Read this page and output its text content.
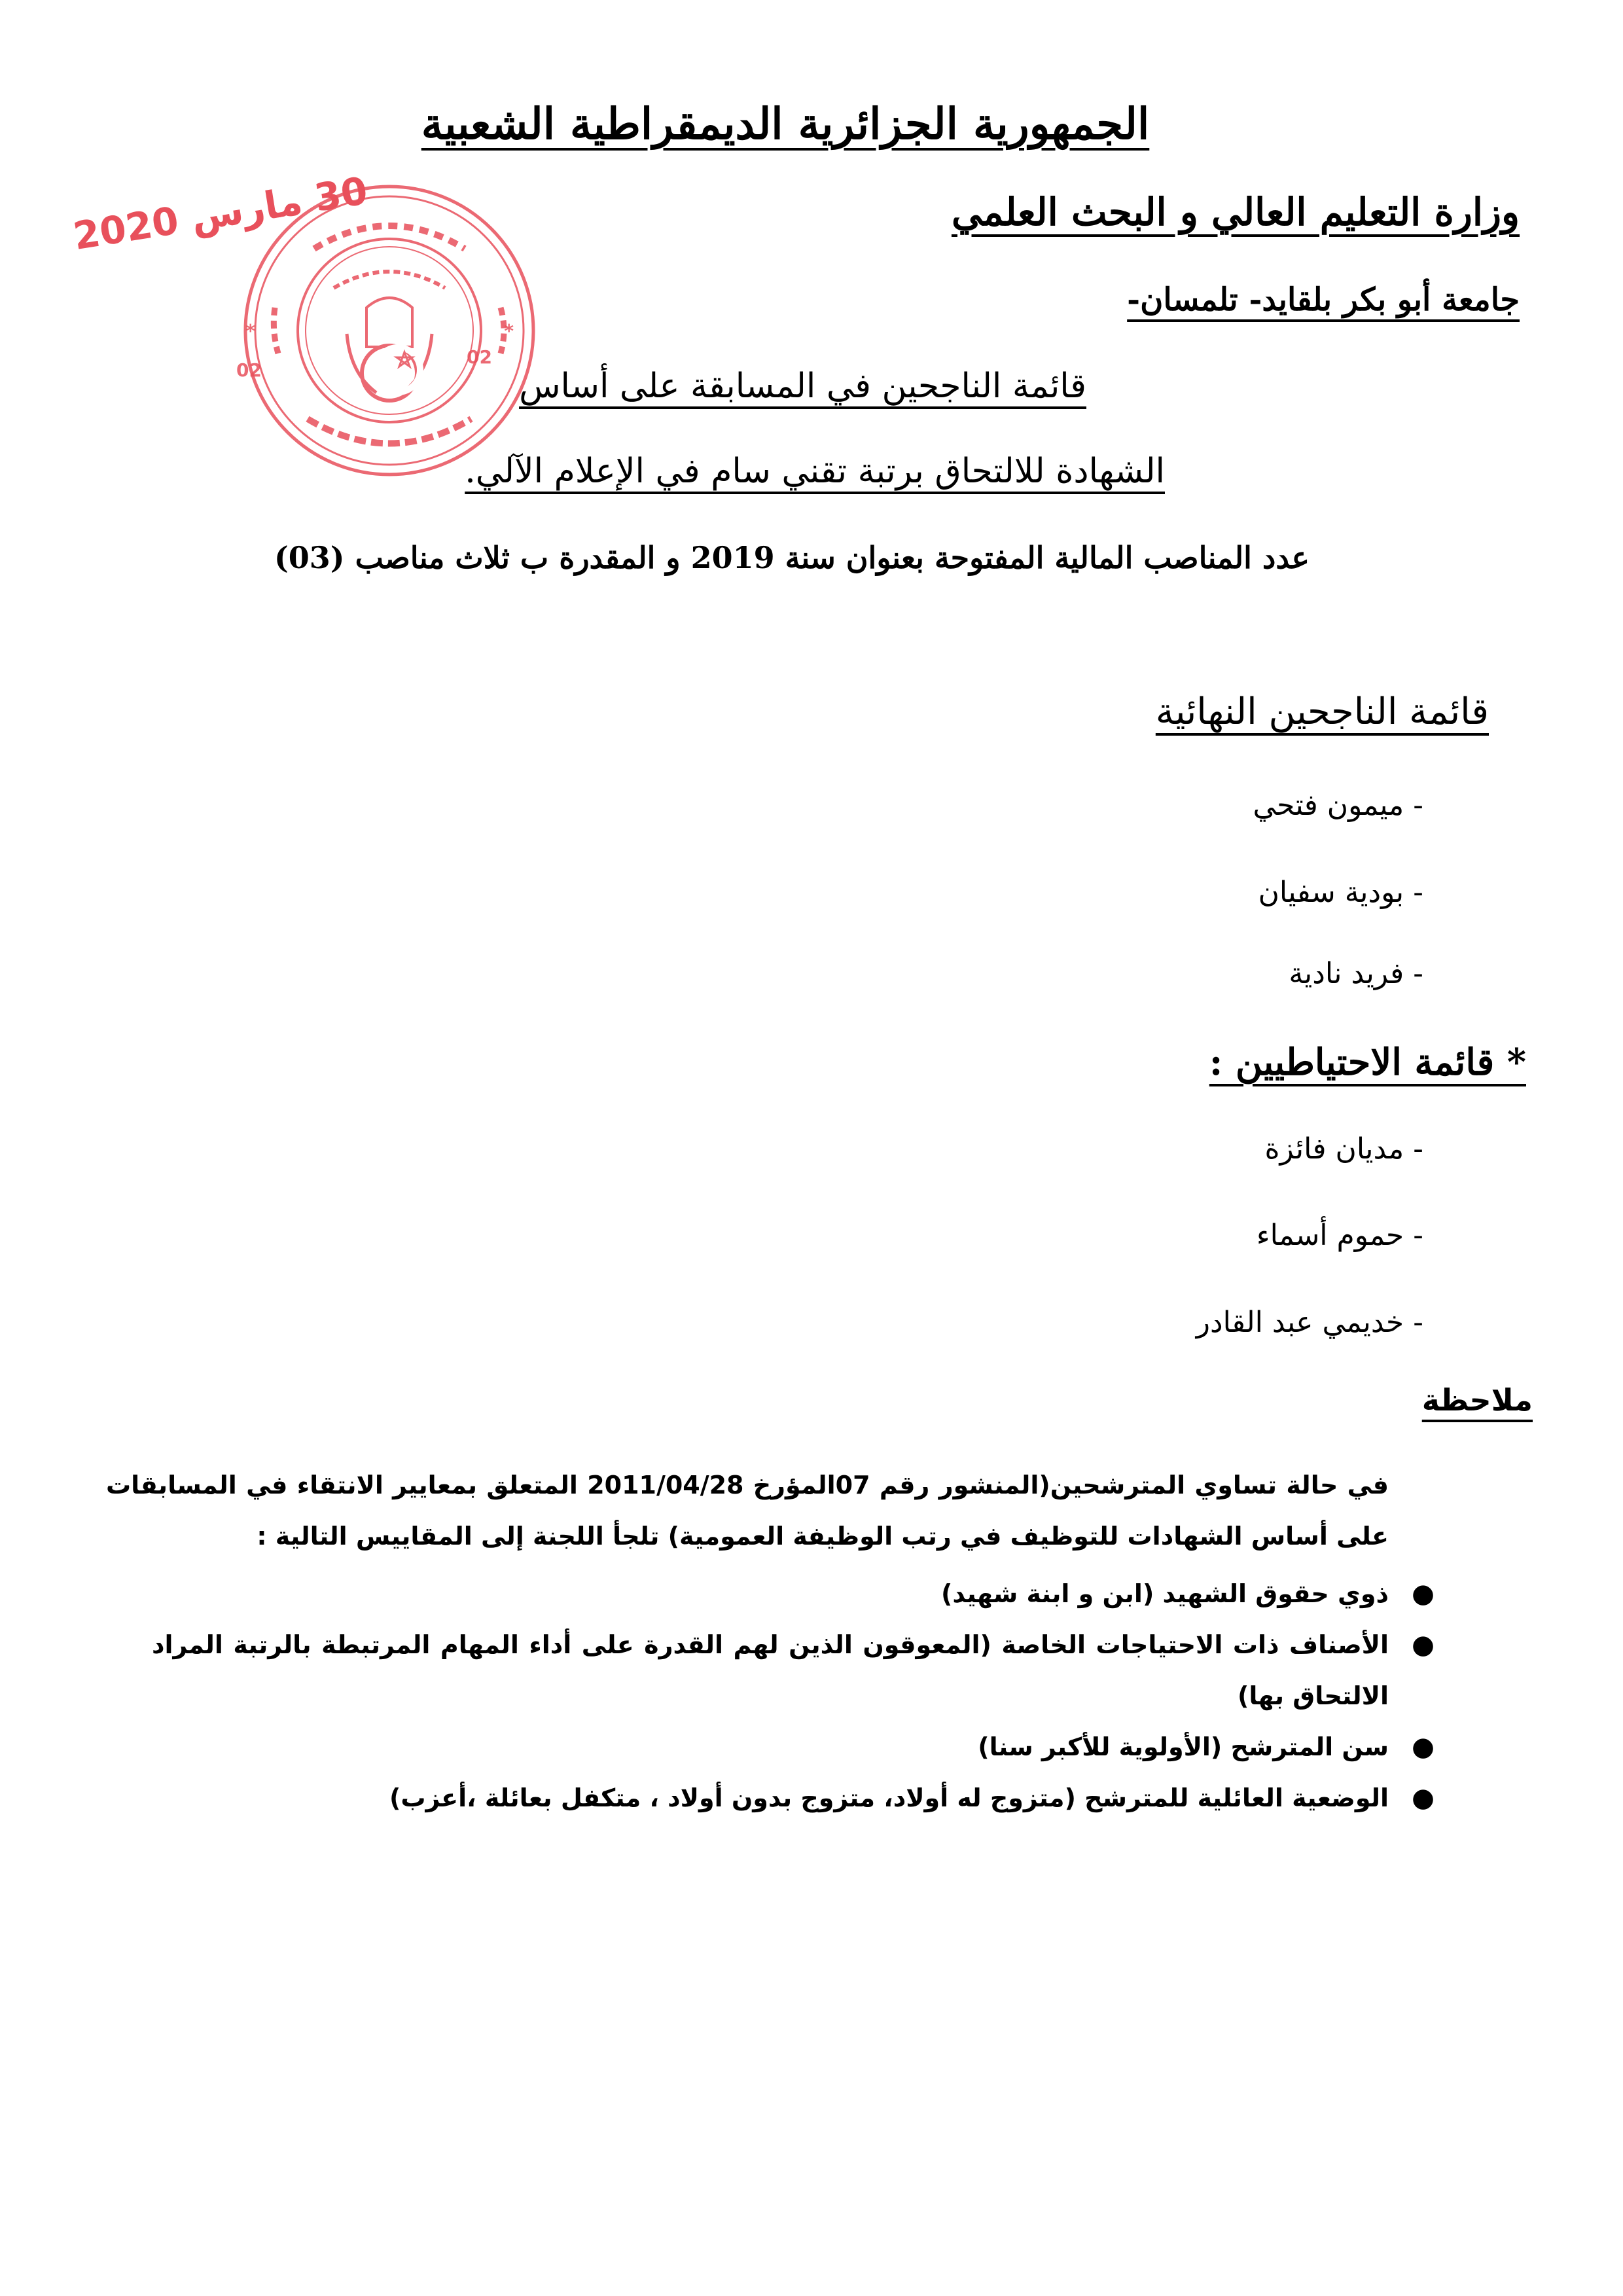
الجمهورية الجزائرية الديمقراطية الشعبية
وزارة التعليم العالي و البحث العلمي
جامعة أبو بكر بلقايد- تلمسان-
قائمة الناجحين في المسابقة على أساس
الشهادة للالتحاق برتبة تقني سام في الإعلام الآلي.
عدد المناصب المالية المفتوحة بعنوان سنة 2019 و المقدرة ب ثلاث مناصب (03)
قائمة الناجحين النهائية
- ميمون فتحي
- بودية سفيان
- فريد نادية
* قائمة الاحتياطيين :
- مديان فائزة
- حموم أسماء
- خديمي عبد القادر
ملاحظة
في حالة تساوي المترشحين(المنشور رقم 07المؤرخ 2011/04/28 المتعلق بمعايير الانتقاء في المسابقات على أساس الشهادات للتوظيف في رتب الوظيفة العمومية) تلجأ اللجنة إلى المقاييس التالية :
●
ذوي حقوق الشهيد (ابن و ابنة شهيد)
●
الأصناف ذات الاحتياجات الخاصة (المعوقون الذين لهم القدرة على أداء المهام المرتبطة بالرتبة المراد الالتحاق بها)
●
سن المترشح (الأولوية للأكبر سنا)
●
الوضعية العائلية للمترشح (متزوج له أولاد، متزوج بدون أولاد ، متكفل بعائلة ،أعزب)
30 مارس 2020
*	*
02
02
